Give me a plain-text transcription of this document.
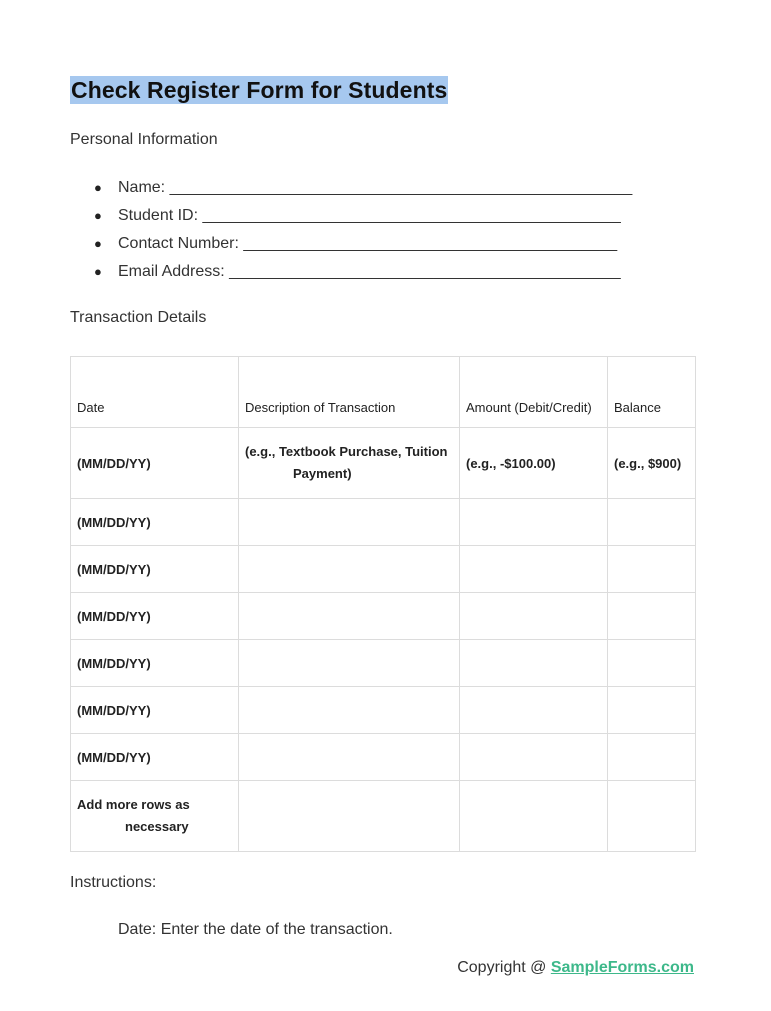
Check Register Form for Students

Personal Information

● Name: ____________________________________________________
● Student ID: _______________________________________________
● Contact Number: __________________________________________
● Email Address: ____________________________________________

Transaction Details

Date	Description of Transaction	Amount (Debit/Credit)	Balance
(MM/DD/YY)	(e.g., Textbook Purchase, Tuition
Payment)	(e.g., -$100.00)	(e.g., $900)
(MM/DD/YY)			
(MM/DD/YY)			
(MM/DD/YY)			
(MM/DD/YY)			
(MM/DD/YY)			
(MM/DD/YY)			
Add more rows as
necessary			

Instructions:

Date: Enter the date of the transaction.

Copyright @ SampleForms.com
